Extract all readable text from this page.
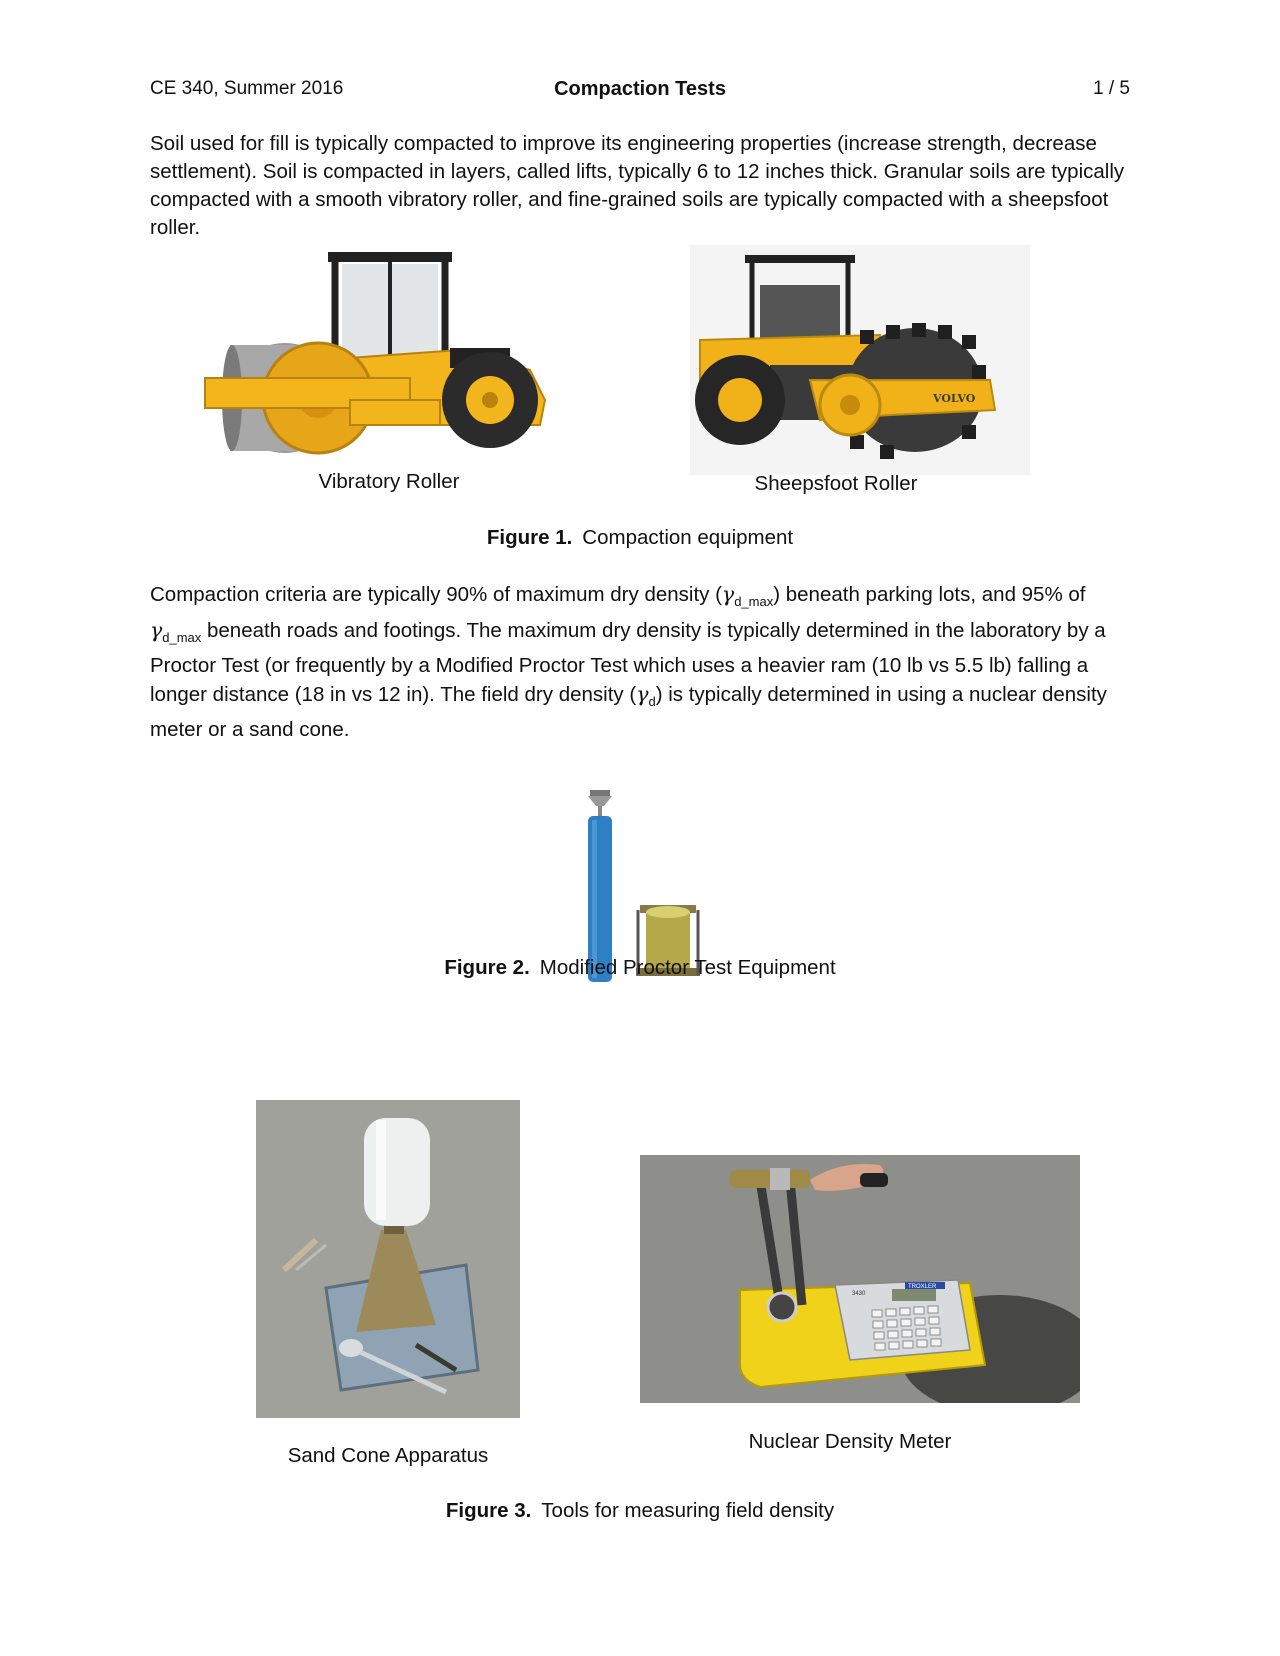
CE 340, Summer 2016	Compaction Tests	1 / 5

Soil used for fill is typically compacted to improve its engineering properties (increase strength, decrease settlement). Soil is compacted in layers, called lifts, typically 6 to 12 inches thick. Granular soils are typically compacted with a smooth vibratory roller, and fine-grained soils are typically compacted with a sheepsfoot roller.

Vibratory Roller
VOLVO
Sheepsfoot Roller
Figure 1. Compaction equipment

Compaction criteria are typically 90% of maximum dry density $(\gamma_{d\_max})$ beneath parking lots, and 95% of $\gamma_{d\_max}$ beneath roads and footings. The maximum dry density is typically determined in the laboratory by a Proctor Test (or frequently by a Modified Proctor Test which uses a heavier ram (10 lb vs 5.5 lb) falling a longer distance (18 in vs 12 in). The field dry density $(\gamma_d)$ is typically determined in using a nuclear density meter or a sand cone.

Figure 2. Modified Proctor Test Equipment
Sand Cone Apparatus
TROXLER
3430
Nuclear Density Meter
Figure 3. Tools for measuring field density
